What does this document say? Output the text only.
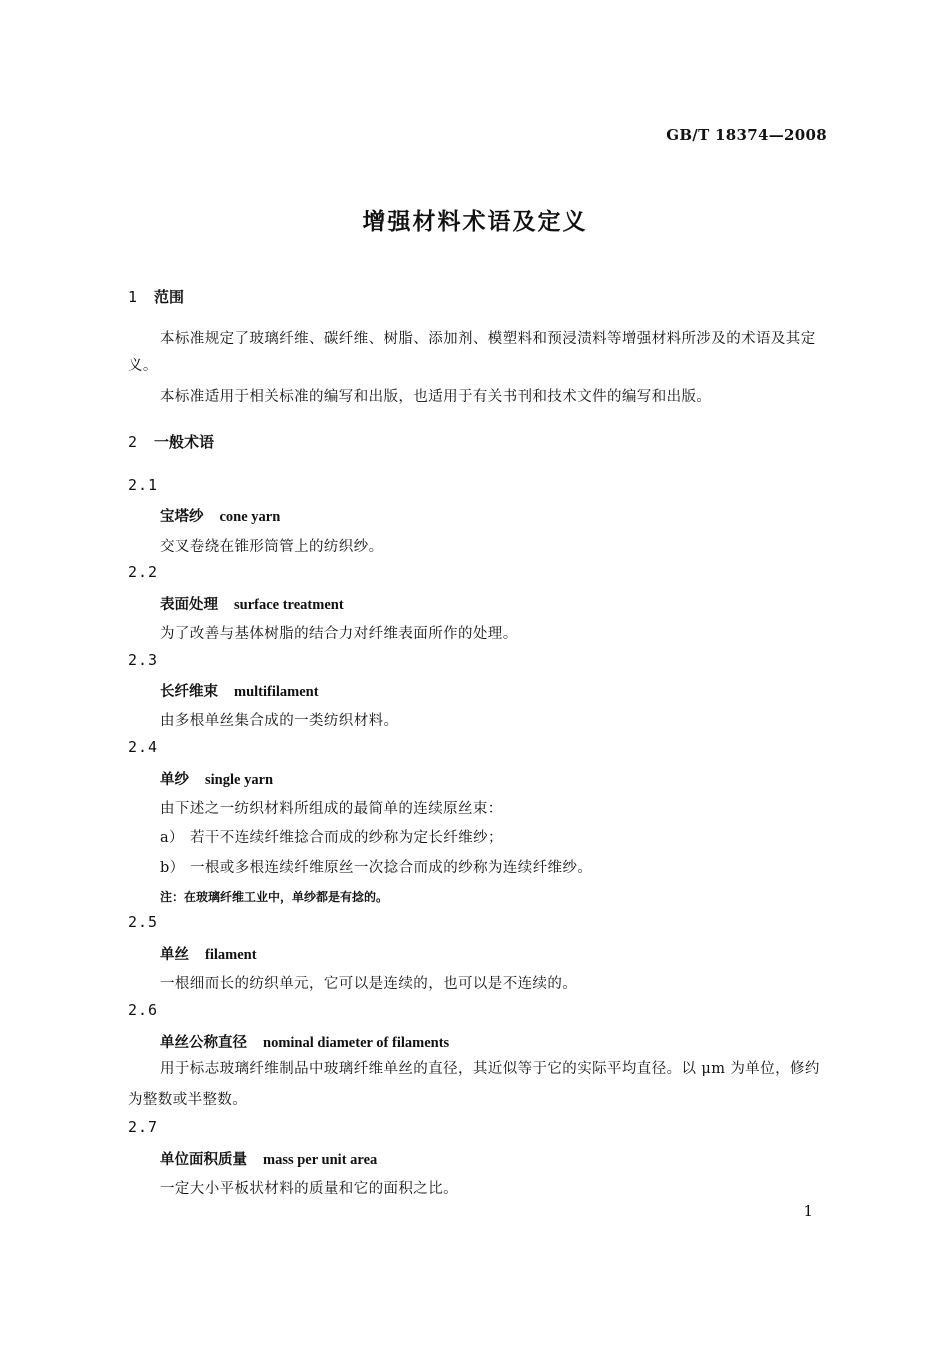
GB/T 18374—2008
增强材料术语及定义
1 范围
本标准规定了玻璃纤维、碳纤维、树脂、添加剂、模塑料和预浸渍料等增强材料所涉及的术语及其定义。
本标准适用于相关标准的编写和出版，也适用于有关书刊和技术文件的编写和出版。
2 一般术语
2.1
宝塔纱 cone yarn
交叉卷绕在锥形筒管上的纺织纱。
2.2
表面处理 surface treatment
为了改善与基体树脂的结合力对纤维表面所作的处理。
2.3
长纤维束 multifilament
由多根单丝集合成的一类纺织材料。
2.4
单纱 single yarn
由下述之一纺织材料所组成的最简单的连续原丝束：
a） 若干不连续纤维捻合而成的纱称为定长纤维纱；
b） 一根或多根连续纤维原丝一次捻合而成的纱称为连续纤维纱。
注：在玻璃纤维工业中，单纱都是有捻的。
2.5
单丝 filament
一根细而长的纺织单元，它可以是连续的，也可以是不连续的。
2.6
单丝公称直径 nominal diameter of filaments
用于标志玻璃纤维制品中玻璃纤维单丝的直径，其近似等于它的实际平均直径。以 μm 为单位，修约为整数或半整数。
2.7
单位面积质量 mass per unit area
一定大小平板状材料的质量和它的面积之比。
1
